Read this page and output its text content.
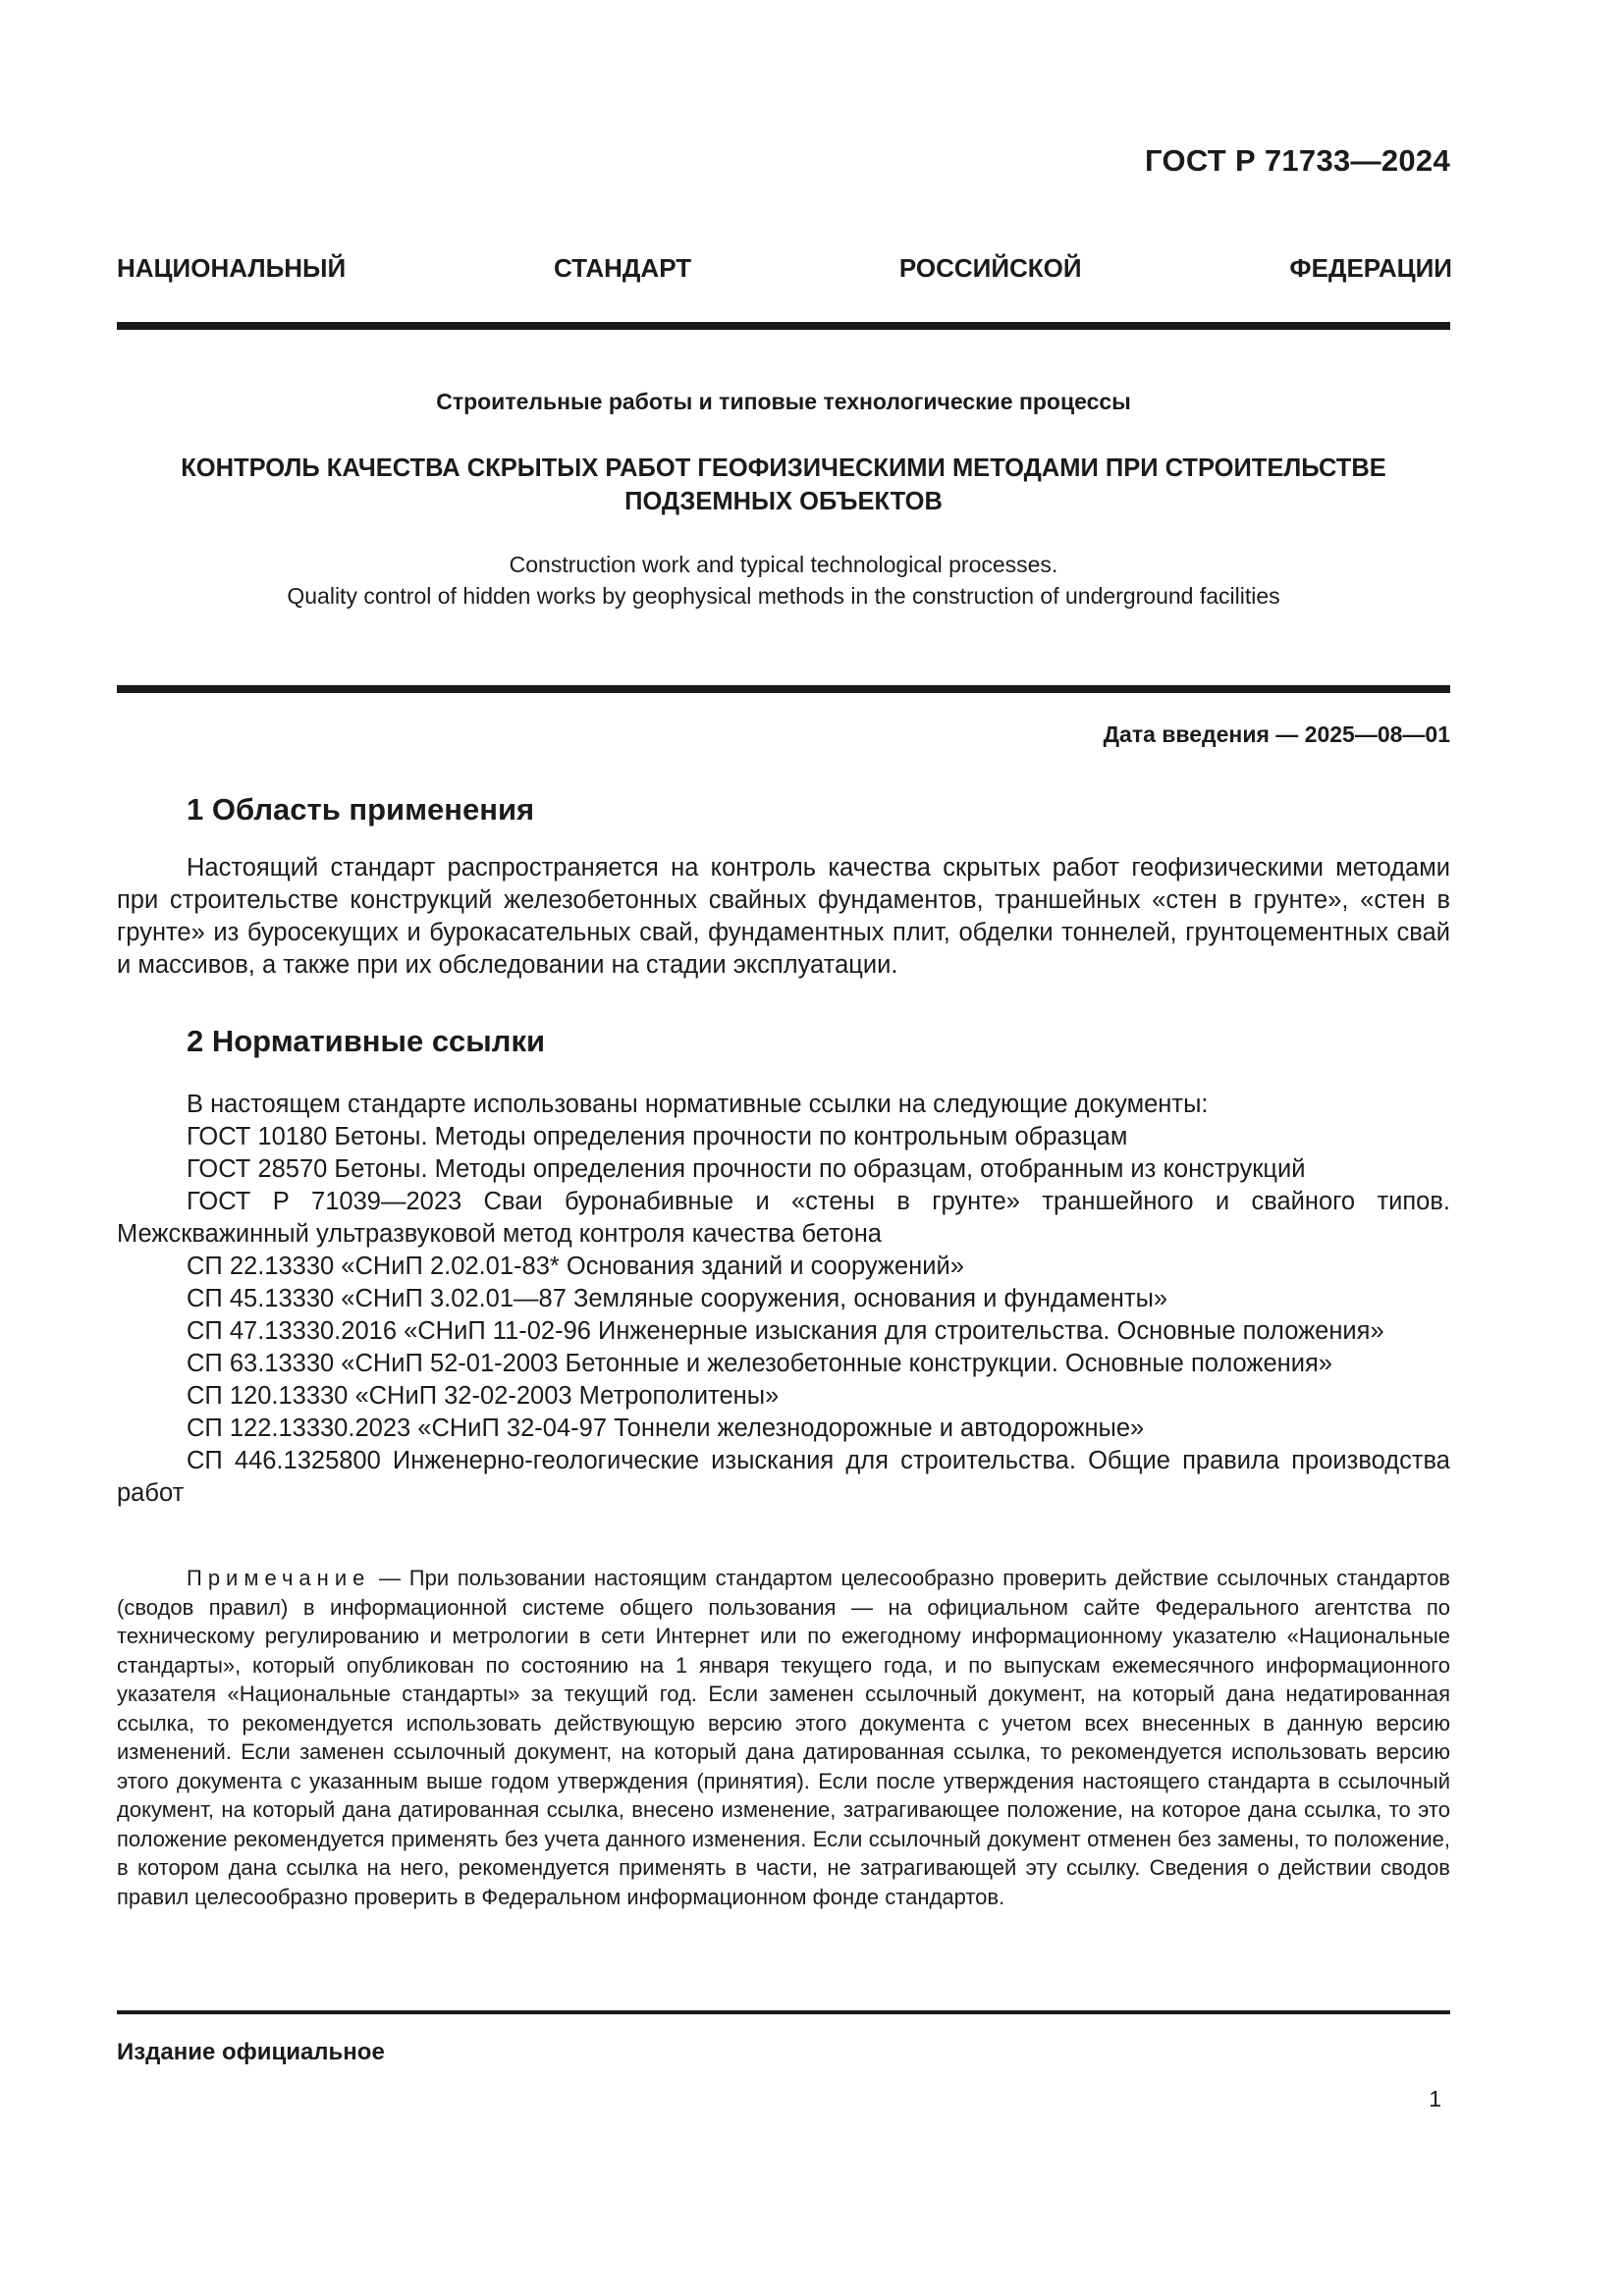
ГОСТ Р 71733—2024
НАЦИОНАЛЬНЫЙ СТАНДАРТ РОССИЙСКОЙ ФЕДЕРАЦИИ
Строительные работы и типовые технологические процессы
КОНТРОЛЬ КАЧЕСТВА СКРЫТЫХ РАБОТ ГЕОФИЗИЧЕСКИМИ МЕТОДАМИ ПРИ СТРОИТЕЛЬСТВЕ
ПОДЗЕМНЫХ ОБЪЕКТОВ
Construction work and typical technological processes.
Quality control of hidden works by geophysical methods in the construction of underground facilities
Дата введения — 2025—08—01
1 Область применения
Настоящий стандарт распространяется на контроль качества скрытых работ геофизическими методами при строительстве конструкций железобетонных свайных фундаментов, траншейных «стен в грунте», «стен в грунте» из буросекущих и бурокасательных свай, фундаментных плит, обделки тоннелей, грунтоцементных свай и массивов, а также при их обследовании на стадии эксплуатации.
2 Нормативные ссылки

В настоящем стандарте использованы нормативные ссылки на следующие документы:

ГОСТ 10180 Бетоны. Методы определения прочности по контрольным образцам

ГОСТ 28570 Бетоны. Методы определения прочности по образцам, отобранным из конструкций

ГОСТ Р 71039—2023 Сваи буронабивные и «стены в грунте» траншейного и свайного типов. Межскважинный ультразвуковой метод контроля качества бетона

СП 22.13330 «СНиП 2.02.01-83* Основания зданий и сооружений»

СП 45.13330 «СНиП 3.02.01—87 Земляные сооружения, основания и фундаменты»

СП 47.13330.2016 «СНиП 11-02-96 Инженерные изыскания для строительства. Основные положения»

СП 63.13330 «СНиП 52-01-2003 Бетонные и железобетонные конструкции. Основные положения»

СП 120.13330 «СНиП 32-02-2003 Метрополитены»

СП 122.13330.2023 «СНиП 32-04-97 Тоннели железнодорожные и автодорожные»

СП 446.1325800 Инженерно-геологические изыскания для строительства. Общие правила производства работ

Примечание — При пользовании настоящим стандартом целесообразно проверить действие ссылочных стандартов (сводов правил) в информационной системе общего пользования — на официальном сайте Федерального агентства по техническому регулированию и метрологии в сети Интернет или по ежегодному информационному указателю «Национальные стандарты», который опубликован по состоянию на 1 января текущего года, и по выпускам ежемесячного информационного указателя «Национальные стандарты» за текущий год. Если заменен ссылочный документ, на который дана недатированная ссылка, то рекомендуется использовать действующую версию этого документа с учетом всех внесенных в данную версию изменений. Если заменен ссылочный документ, на который дана датированная ссылка, то рекомендуется использовать версию этого документа с указанным выше годом утверждения (принятия). Если после утверждения настоящего стандарта в ссылочный документ, на который дана датированная ссылка, внесено изменение, затрагивающее положение, на которое дана ссылка, то это положение рекомендуется применять без учета данного изменения. Если ссылочный документ отменен без замены, то положение, в котором дана ссылка на него, рекомендуется применять в части, не затрагивающей эту ссылку. Сведения о действии сводов правил целесообразно проверить в Федеральном информационном фонде стандартов.
Издание официальное
1
